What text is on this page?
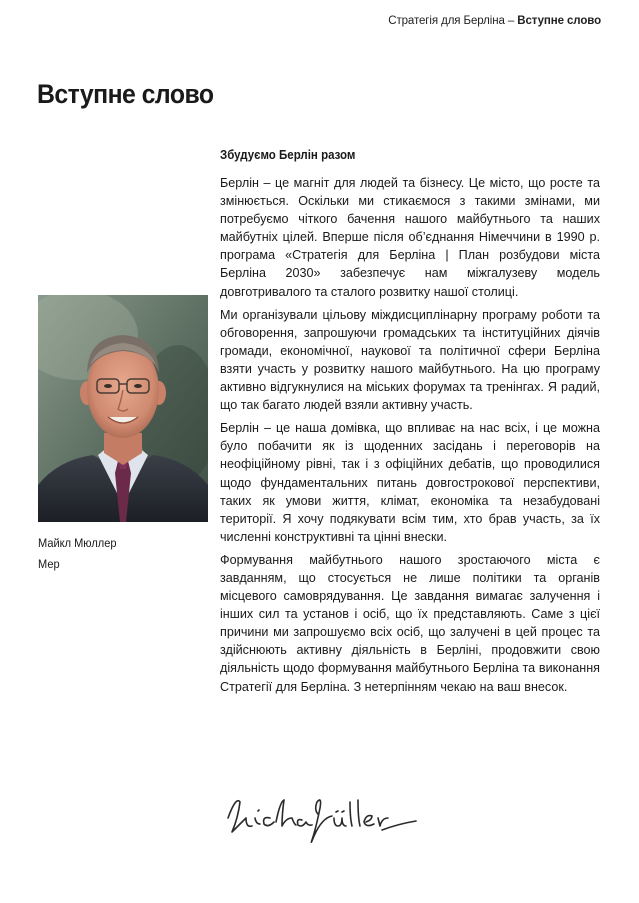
Стратегія для Берліна – Вступне слово
Вступне слово
Майкл Мюллер
Мер
Збудуємо Берлін разом

Берлін – це магніт для людей та бізнесу. Це місто, що росте та змінюється. Оскільки ми стикаємося з такими змінами, ми потребуємо чіткого бачення нашого майбутнього та наших майбутніх цілей. Вперше після об’єднання Німеччини в 1990 р. програма «Стратегія для Берліна | План розбудови міста Берліна 2030» забезпечує нам міжгалузеву модель довготривалого та сталого розвитку нашої столиці.

Ми організували цільову міждисциплінарну програму роботи та обговорення, запрошуючи громадських та інституційних діячів громади, економічної, наукової та політичної сфери Берліна взяти участь у розвитку нашого майбутнього. На цю програму активно відгукнулися на міських форумах та тренінгах. Я радий, що так багато людей взяли активну участь.

Берлін – це наша домівка, що впливає на нас всіх, і це можна було побачити як із щоденних засідань і переговорів на неофіційному рівні, так і з офіційних дебатів, що проводилися щодо фундаментальних питань довгострокової перспективи, таких як умови життя, клімат, економіка та незабудовані території. Я хочу подякувати всім тим, хто брав участь, за їх численні конструктивні та цінні внески.

Формування майбутнього нашого зростаючого міста є завданням, що стосується не лише політики та органів місцевого самоврядування. Це завдання вимагає залучення і інших сил та установ і осіб, що їх представляють. Саме з цієї причини ми запрошуємо всіх осіб, що залучені в цей процес та здійснюють активну діяльність в Берліні, продовжити свою діяльність щодо формування майбутнього Берліна та виконання Стратегії для Берліна. З нетерпінням чекаю на ваш внесок.
